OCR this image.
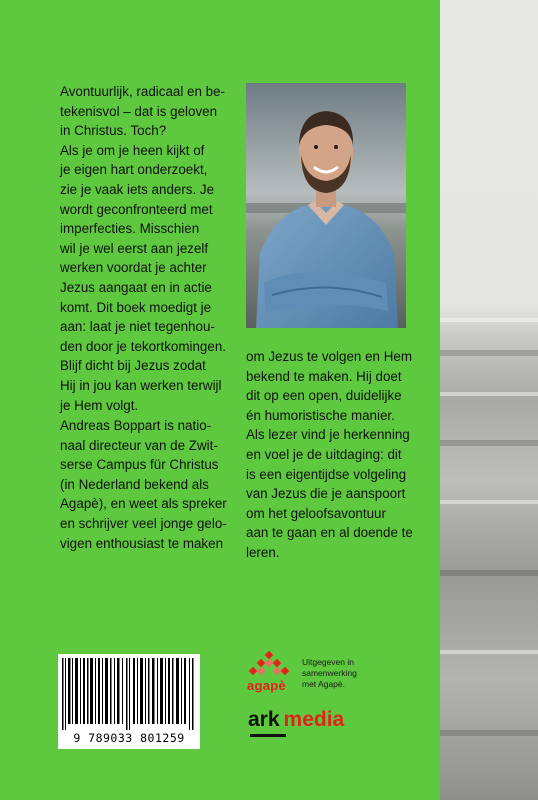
Avontuurlijk, radicaal en be-
tekenisvol – dat is geloven
in Christus. Toch?
Als je om je heen kijkt of
je eigen hart onderzoekt,
zie je vaak iets anders. Je
wordt geconfronteerd met
imperfecties. Misschien
wil je wel eerst aan jezelf
werken voordat je achter
Jezus aangaat en in actie
komt. Dit boek moedigt je
aan: laat je niet tegenhou-
den door je tekortkomingen.
Blijf dicht bij Jezus zodat
Hij in jou kan werken terwijl
je Hem volgt.

om Jezus te volgen en Hem
bekend te maken. Hij doet
dit op een open, duidelijke
én humoristische manier.
Als lezer vind je herkenning
en voel je de uitdaging: dit
is een eigentijdse volgeling
van Jezus die je aanspoort
om het geloofsavontuur
aan te gaan en al doende te
leren.

Andreas Boppart is natio-
naal directeur van de Zwit-
serse Campus für Christus
(in Nederland bekend als
Agapè), en weet als spreker
en schrijver veel jonge gelo-
vigen enthousiast te maken

9 789033 801259
agapè
Uitgegeven in
samenwerking
met Agapè.
ark media
